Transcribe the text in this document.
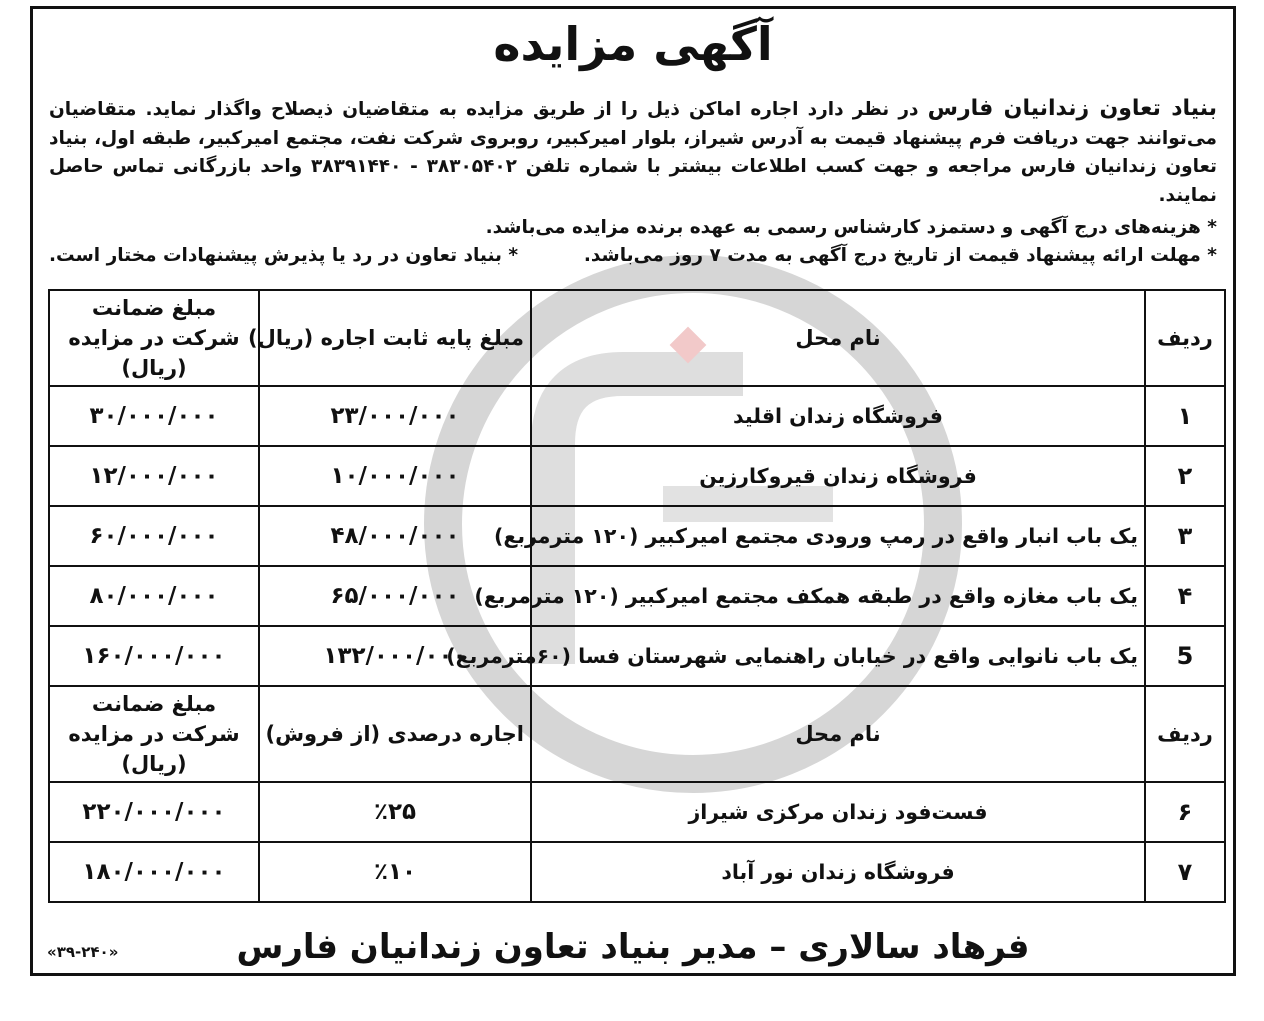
آگهی مزایده
بنیاد تعاون زندانیان فارس در نظر دارد اجاره اماکن ذیل را از طریق مزایده به متقاضیان ذیصلاح واگذار نماید. متقاضیان می‌توانند جهت دریافت فرم پیشنهاد قیمت به آدرس شیراز، بلوار امیرکبیر، روبروی شرکت نفت، مجتمع امیرکبیر، طبقه اول، بنیاد تعاون زندانیان فارس مراجعه و جهت کسب اطلاعات بیشتر با شماره تلفن ۳۸۳۰۵۴۰۲ - ۳۸۳۹۱۴۴۰ واحد بازرگانی تماس حاصل نمایند.
* هزینه‌های درج آگهی و دستمزد کارشناس رسمی به عهده برنده مزایده می‌باشد.
* مهلت ارائه پیشنهاد قیمت از تاریخ درج آگهی به مدت ۷ روز می‌باشد.
* بنیاد تعاون در رد یا پذیرش پیشنهادات مختار است.
ردیف	نام محل	مبلغ پایه ثابت اجاره (ریال)	مبلغ ضمانت شرکت در مزایده (ریال)
۱	فروشگاه زندان اقلید	۲۳/۰۰۰/۰۰۰	۳۰/۰۰۰/۰۰۰
۲	فروشگاه زندان قیروکارزین	۱۰/۰۰۰/۰۰۰	۱۲/۰۰۰/۰۰۰
۳	یک باب انبار واقع در رمپ ورودی مجتمع امیرکبیر (۱۲۰ مترمربع)	۴۸/۰۰۰/۰۰۰	۶۰/۰۰۰/۰۰۰
۴	یک باب مغازه واقع در طبقه همکف مجتمع امیرکبیر (۱۲۰ مترمربع)	۶۵/۰۰۰/۰۰۰	۸۰/۰۰۰/۰۰۰
5	یک باب نانوایی واقع در خیابان راهنمایی شهرستان فسا (۶۰مترمربع)	۱۳۲/۰۰۰/۰۰۰	۱۶۰/۰۰۰/۰۰۰
ردیف	نام محل	اجاره درصدی (از فروش)	مبلغ ضمانت شرکت در مزایده (ریال)
۶	فست‌فود زندان مرکزی شیراز	٪۲۵	۲۲۰/۰۰۰/۰۰۰
۷	فروشگاه زندان نور آباد	٪۱۰	۱۸۰/۰۰۰/۰۰۰
فرهاد سالاری – مدیر بنیاد تعاون زندانیان فارس
«۳۹-۲۴۰»
